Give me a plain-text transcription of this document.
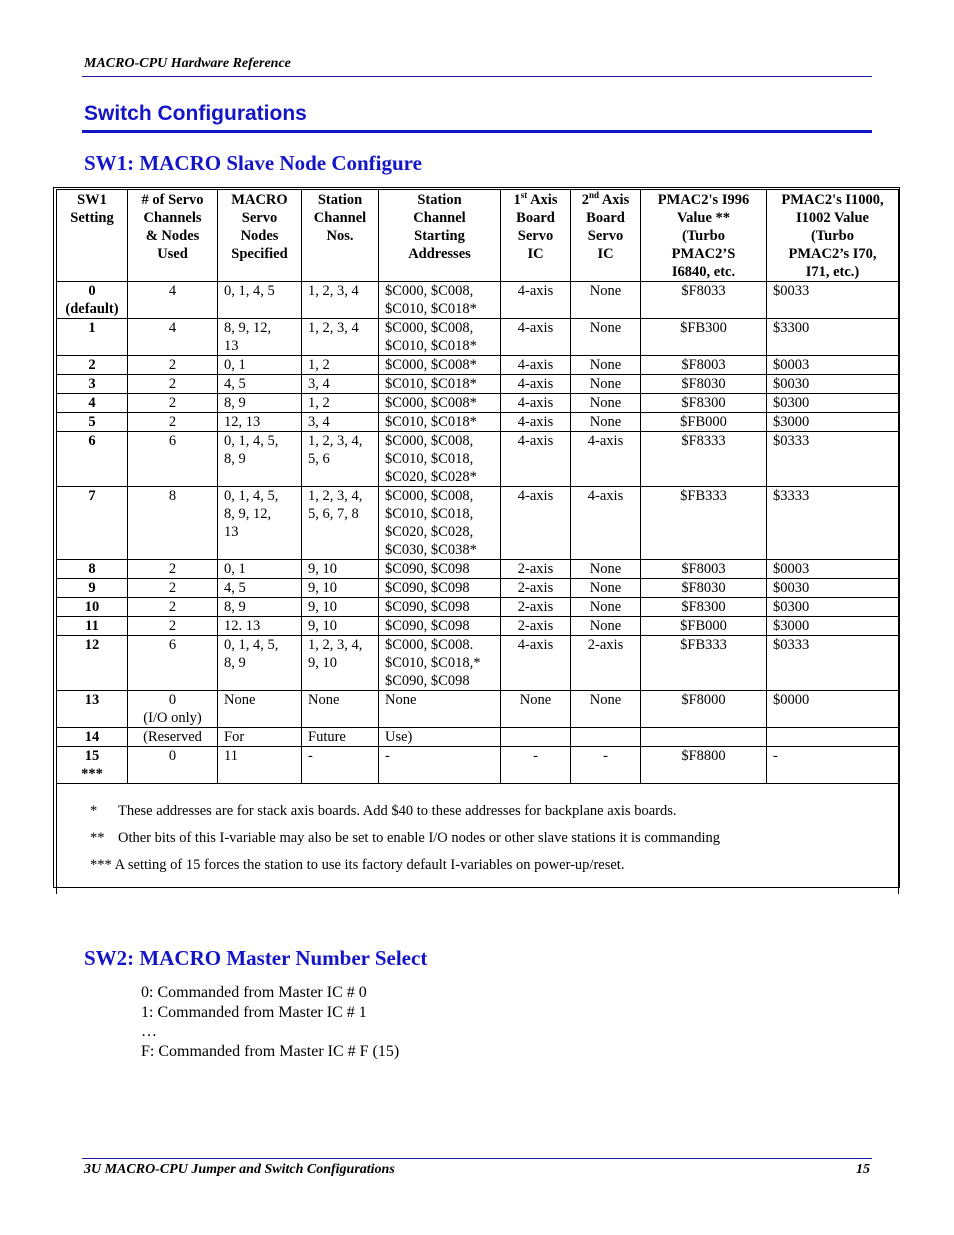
MACRO-CPU Hardware Reference
Switch Configurations
SW1: MACRO Slave Node Configure
SW1
Setting	# of Servo
Channels
& Nodes
Used	MACRO
Servo
Nodes
Specified	Station
Channel
Nos.	Station
Channel
Starting
Addresses	1st Axis
Board
Servo
IC	2nd Axis
Board
Servo
IC	PMAC2's I996
Value **
(Turbo
PMAC2’S
I6840, etc.	PMAC2's I1000,
I1002 Value
(Turbo
PMAC2’s I70,
I71, etc.)
0
(default)	4	0, 1, 4, 5	1, 2, 3, 4	$C000, $C008,
$C010, $C018*	4-axis	None	$F8033	$0033
1	4	8, 9, 12,
13	1, 2, 3, 4	$C000, $C008,
$C010, $C018*	4-axis	None	$FB300	$3300
2	2	0, 1	1, 2	$C000, $C008*	4-axis	None	$F8003	$0003
3	2	4, 5	3, 4	$C010, $C018*	4-axis	None	$F8030	$0030
4	2	8, 9	1, 2	$C000, $C008*	4-axis	None	$F8300	$0300
5	2	12, 13	3, 4	$C010, $C018*	4-axis	None	$FB000	$3000
6	6	0, 1, 4, 5,
8, 9	1, 2, 3, 4,
5, 6	$C000, $C008,
$C010, $C018,
$C020, $C028*	4-axis	4-axis	$F8333	$0333
7	8	0, 1, 4, 5,
8, 9, 12,
13	1, 2, 3, 4,
5, 6, 7, 8	$C000, $C008,
$C010, $C018,
$C020, $C028,
$C030, $C038*	4-axis	4-axis	$FB333	$3333
8	2	0, 1	9, 10	$C090, $C098	2-axis	None	$F8003	$0003
9	2	4, 5	9, 10	$C090, $C098	2-axis	None	$F8030	$0030
10	2	8, 9	9, 10	$C090, $C098	2-axis	None	$F8300	$0300
11	2	12. 13	9, 10	$C090, $C098	2-axis	None	$FB000	$3000
12	6	0, 1, 4, 5,
8, 9	1, 2, 3, 4,
9, 10	$C000, $C008.
$C010, $C018,*
$C090, $C098	4-axis	2-axis	$FB333	$0333
13	0
(I/O only)	None	None	None	None	None	$F8000	$0000
14	(Reserved	For	Future	Use)				
15
***	0	11	-	-	-	-	$F8800	-

* These addresses are for stack axis boards. Add $40 to these addresses for backplane axis boards.
** Other bits of this I-variable may also be set to enable I/O nodes or other slave stations it is commanding
*** A setting of 15 forces the station to use its factory default I-variables on power-up/reset.
SW2: MACRO Master Number Select
0: Commanded from Master IC # 0
1: Commanded from Master IC # 1
…
F: Commanded from Master IC # F (15)
3U MACRO-CPU Jumper and Switch Configurations	15
